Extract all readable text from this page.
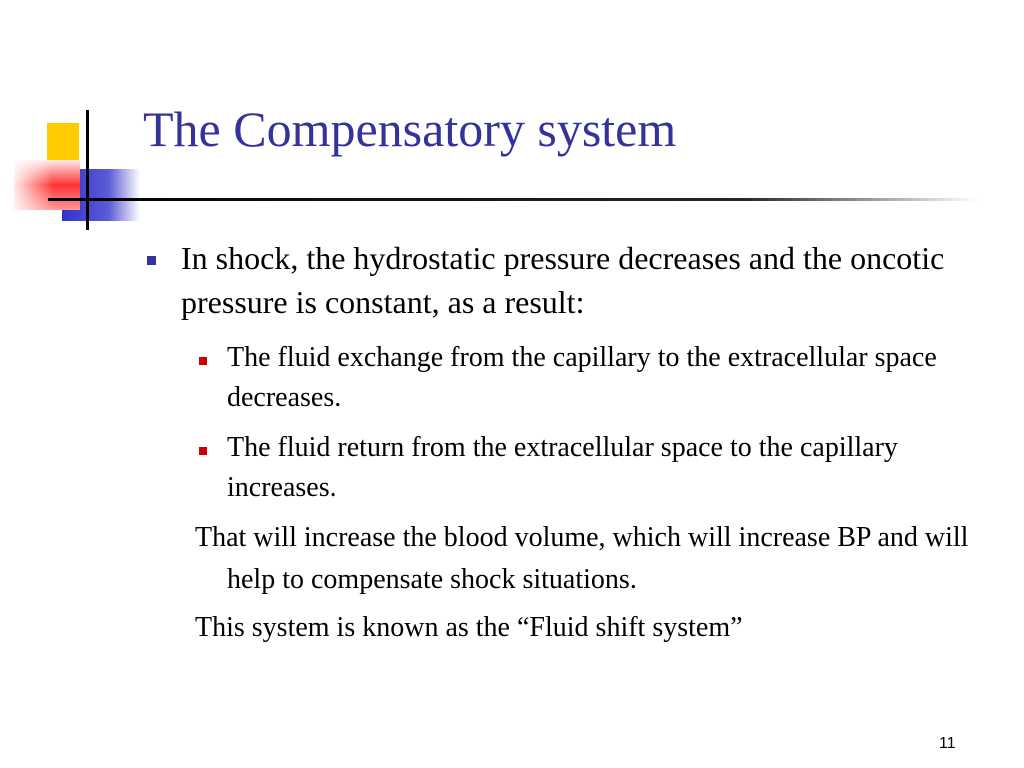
The Compensatory system
In shock, the hydrostatic pressure decreases and the oncotic pressure is constant, as a result:
The fluid exchange from the capillary to the extracellular space decreases.
The fluid return from the extracellular space to the capillary increases.
That will increase the blood volume, which will increase BP and will help to compensate shock situations.
This system is known as the “Fluid shift system”
11
